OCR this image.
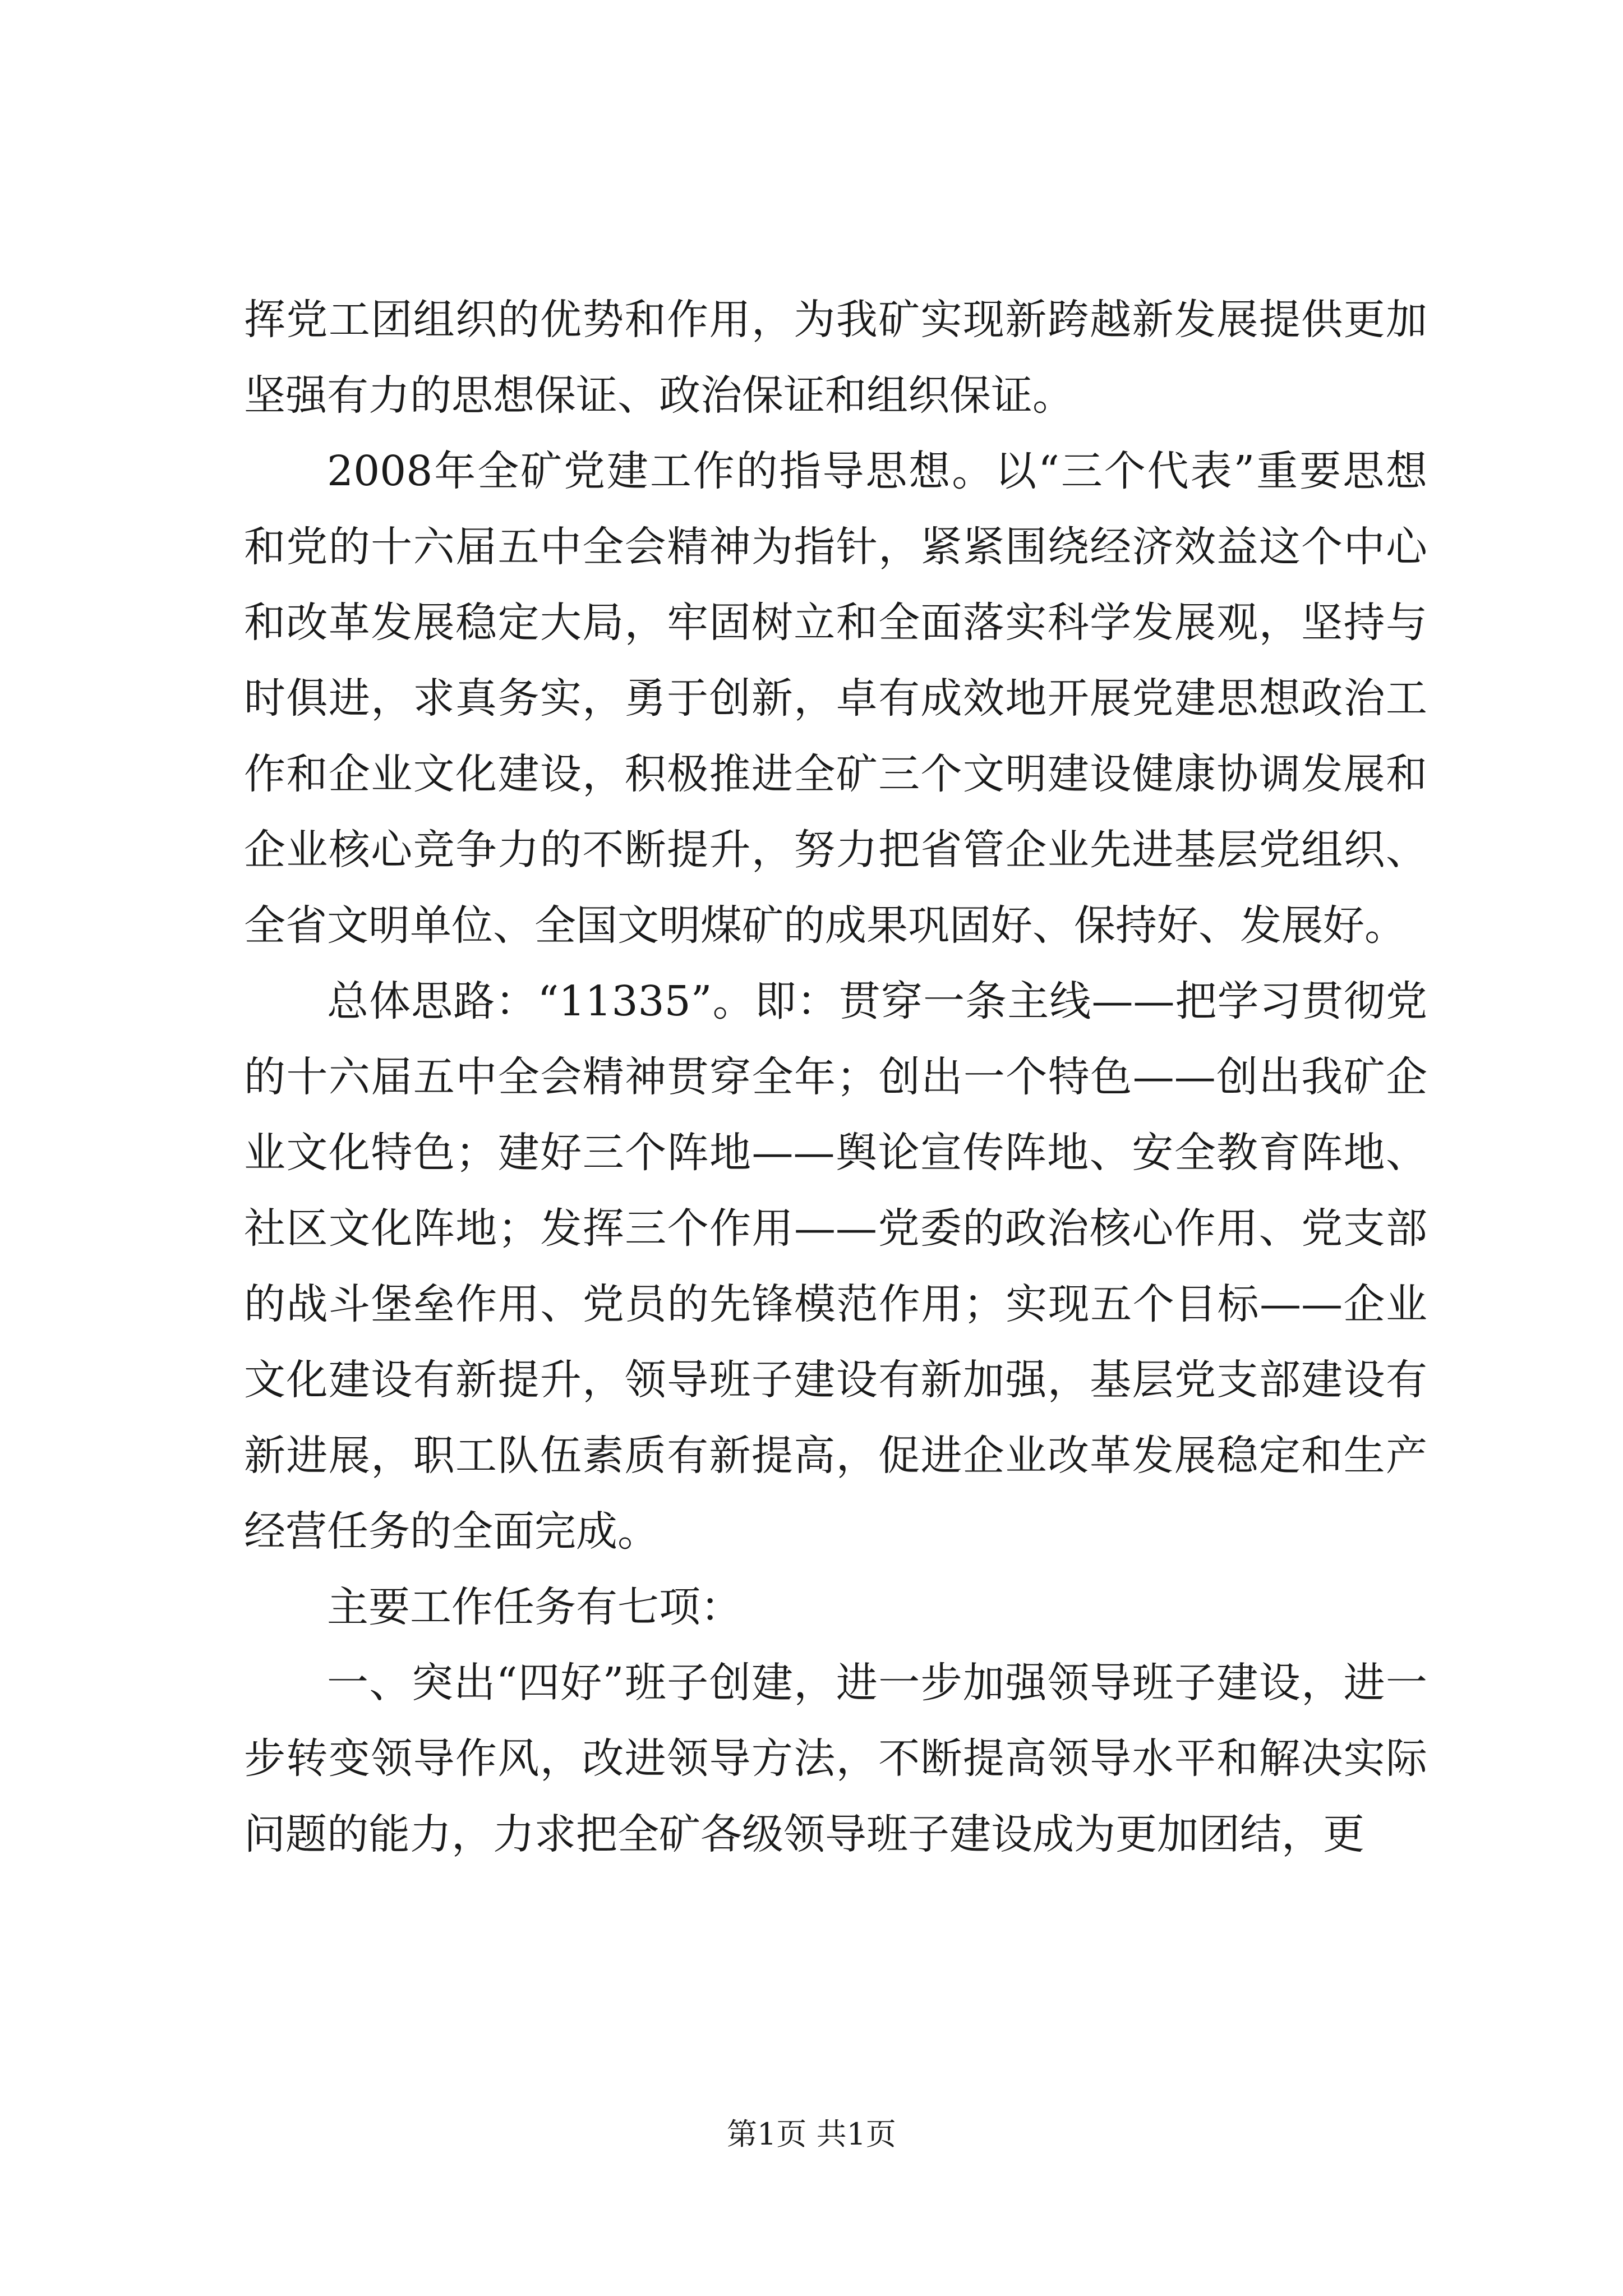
挥党工团组织的优势和作用，为我矿实现新跨越新发展提供更加坚强有力的思想保证、政治保证和组织保证。

2008年全矿党建工作的指导思想。以“三个代表”重要思想和党的十六届五中全会精神为指针，紧紧围绕经济效益这个中心和改革发展稳定大局，牢固树立和全面落实科学发展观，坚持与时俱进，求真务实，勇于创新，卓有成效地开展党建思想政治工作和企业文化建设，积极推进全矿三个文明建设健康协调发展和企业核心竞争力的不断提升，努力把省管企业先进基层党组织、全省文明单位、全国文明煤矿的成果巩固好、保持好、发展好。

总体思路：“11335”。即：贯穿一条主线——把学习贯彻党的十六届五中全会精神贯穿全年；创出一个特色——创出我矿企业文化特色；建好三个阵地——舆论宣传阵地、安全教育阵地、社区文化阵地；发挥三个作用——党委的政治核心作用、党支部的战斗堡垒作用、党员的先锋模范作用；实现五个目标——企业文化建设有新提升，领导班子建设有新加强，基层党支部建设有新进展，职工队伍素质有新提高，促进企业改革发展稳定和生产经营任务的全面完成。

主要工作任务有七项：

一、突出“四好”班子创建，进一步加强领导班子建设，进一步转变领导作风，改进领导方法，不断提高领导水平和解决实际问题的能力，力求把全矿各级领导班子建设成为更加团结，更

第1页 共1页
